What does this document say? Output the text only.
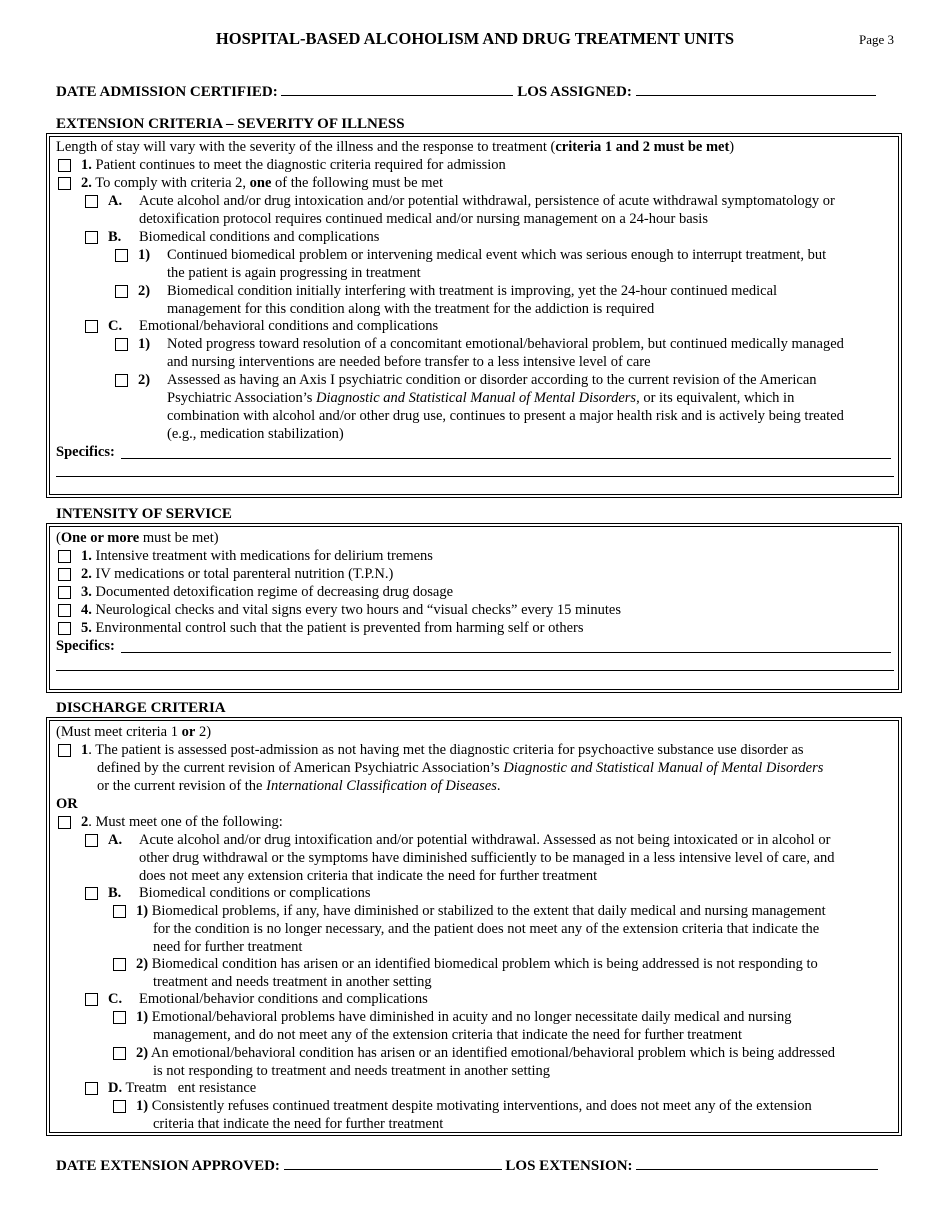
HOSPITAL-BASED ALCOHOLISM AND DRUG TREATMENT UNITS	Page 3
DATE ADMISSION CERTIFIED:	LOS ASSIGNED:
EXTENSION CRITERIA – SEVERITY OF ILLNESS
Length of stay will vary with the severity of the illness and the response to treatment (criteria 1 and 2 must be met)
1. Patient continues to meet the diagnostic criteria required for admission
2. To comply with criteria 2, one of the following must be met
A.	Acute alcohol and/or drug intoxication and/or potential withdrawal, persistence of acute withdrawal symptomatology or
detoxification protocol requires continued medical and/or nursing management on a 24-hour basis
B.	Biomedical conditions and complications
1)	Continued biomedical problem or intervening medical event which was serious enough to interrupt treatment, but
the patient is again progressing in treatment
2)	Biomedical condition initially interfering with treatment is improving, yet the 24-hour continued medical
management for this condition along with the treatment for the addiction is required
C.	Emotional/behavioral conditions and complications
1)	Noted progress toward resolution of a concomitant emotional/behavioral problem, but continued medically managed
and nursing interventions are needed before transfer to a less intensive level of care
2)	Assessed as having an Axis I psychiatric condition or disorder according to the current revision of the American
Psychiatric Association’s Diagnostic and Statistical Manual of Mental Disorders, or its equivalent, which in
combination with alcohol and/or other drug use, continues to present a major health risk and is actively being treated
(e.g., medication stabilization)
Specifics:
INTENSITY OF SERVICE
(One or more must be met)
1. Intensive treatment with medications for delirium tremens
2. IV medications or total parenteral nutrition (T.P.N.)
3. Documented detoxification regime of decreasing drug dosage
4. Neurological checks and vital signs every two hours and “visual checks” every 15 minutes
5. Environmental control such that the patient is prevented from harming self or others
Specifics:
DISCHARGE CRITERIA
(Must meet criteria 1 or 2)
1. The patient is assessed post-admission as not having met the diagnostic criteria for psychoactive substance use disorder as
defined by the current revision of American Psychiatric Association’s Diagnostic and Statistical Manual of Mental Disorders
or the current revision of the International Classification of Diseases.
OR
2. Must meet one of the following:
A.	Acute alcohol and/or drug intoxification and/or potential withdrawal. Assessed as not being intoxicated or in alcohol or
other drug withdrawal or the symptoms have diminished sufficiently to be managed in a less intensive level of care, and
does not meet any extension criteria that indicate the need for further treatment
B.	Biomedical conditions or complications
1) Biomedical problems, if any, have diminished or stabilized to the extent that daily medical and nursing management
for the condition is no longer necessary, and the patient does not meet any of the extension criteria that indicate the
need for further treatment
2) Biomedical condition has arisen or an identified biomedical problem which is being addressed is not responding to
treatment and needs treatment in another setting
C.	Emotional/behavior conditions and complications
1) Emotional/behavioral problems have diminished in acuity and no longer necessitate daily medical and nursing
management, and do not meet any of the extension criteria that indicate the need for further treatment
2) An emotional/behavioral condition has arisen or an identified emotional/behavioral problem which is being addressed
is not responding to treatment and needs treatment in another setting
D. Treatm   ent resistance
1) Consistently refuses continued treatment despite motivating interventions, and does not meet any of the extension
criteria that indicate the need for further treatment
DATE EXTENSION APPROVED:	LOS EXTENSION:
